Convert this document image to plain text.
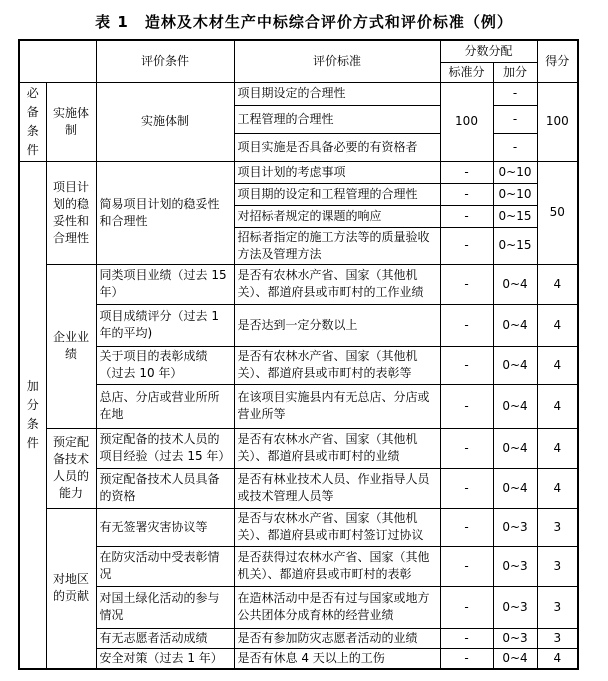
表 1　造林及木材生产中标综合评价方式和评价标准（例）
		评价条件	评价标准	分数分配		得分
				标准分	加分	
必备条件	实施体制	实施体制	项目期设定的合理性	100	-	100
			工程管理的合理性		-	
			项目实施是否具备必要的有资格者		-	
加分条件	项目计划的稳妥性和合理性	简易项目计划的稳妥性和合理性	项目计划的考虑事项	-	0~10	50
			项目期的设定和工程管理的合理性	-	0~10	
			对招标者规定的课题的响应	-	0~15	
			招标者指定的施工方法等的质量验收方法及管理方法	-	0~15	
	企业业绩	同类项目业绩（过去 15 年）	是否有农林水产省、国家（其他机关）、都道府县或市町村的工作业绩	-	0~4	4
		项目成绩评分（过去 1 年的平均)	是否达到一定分数以上	-	0~4	4
		关于项目的表彰成绩（过去 10 年）	是否有农林水产省、国家（其他机关）、都道府县或市町村的表彰等	-	0~4	4
		总店、分店或营业所所在地	在该项目实施县内有无总店、分店或营业所等	-	0~4	4
	预定配备技术人员的能力	预定配备的技术人员的项目经验（过去 15 年）	是否有农林水产省、国家（其他机关）、都道府县或市町村的业绩	-	0~4	4
		预定配备技术人员具备的资格	是否有林业技术人员、作业指导人员或技术管理人员等	-	0~4	4
	对地区的贡献	有无签署灾害协议等	是否与农林水产省、国家（其他机关）、都道府县或市町村签订过协议	-	0~3	3
		在防灾活动中受表彰情况	是否获得过农林水产省、国家（其他机关）、都道府县或市町村的表彰	-	0~3	3
		对国土绿化活动的参与情况	在造林活动中是否有过与国家或地方公共团体分成育林的经营业绩	-	0~3	3
		有无志愿者活动成绩	是否有参加防灾志愿者活动的业绩	-	0~3	3
		安全对策（过去 1 年）	是否有休息 4 天以上的工伤	-	0~4	4
